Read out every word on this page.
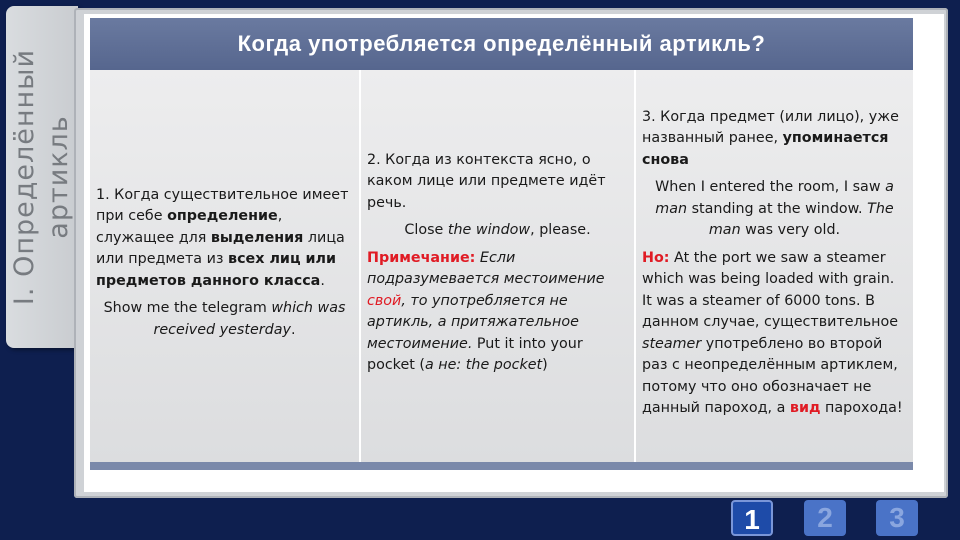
I. Определённый артикль
Когда употребляется определённый артикль?

1. Когда существительное имеет при себе определение, служащее для выделения лица или предмета из всех лиц или предметов данного класса.

Show me the telegram which was received yesterday.

2. Когда из контекста ясно, о каком лице или предмете идёт речь.

Close the window, please.

Примечание: Если подразумевается местоимение свой, то употребляется не артикль, а притяжательное местоимение. Put it into your pocket (a не: the pocket)

3. Когда предмет (или лицо), уже названный ранее, упоминается снова

When I entered the room, I saw a man standing at the window. The man was very old.

Но: At the port we saw a steamer which was being loaded with grain. It was a steamer of 6000 tons. В данном случае, существительное steamer употреблено во второй раз с неопределённым артиклем, потому что оно обозначает не данный пароход, а вид парохода!

1	2	3
